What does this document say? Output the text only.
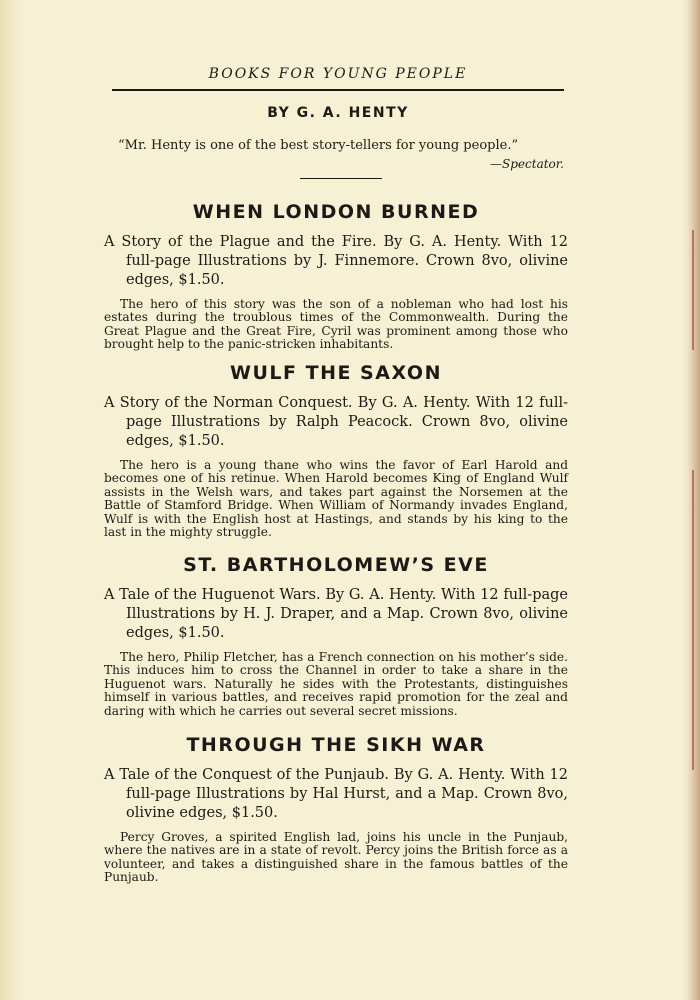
BOOKS FOR YOUNG PEOPLE
BY G. A. HENTY
“Mr. Henty is one of the best story-tellers for young people.”
—Spectator.
WHEN LONDON BURNED

A Story of the Plague and the Fire. By G. A. Henty. With 12 full-page Illustrations by J. Finnemore. Crown 8vo, olivine edges, $1.50.

The hero of this story was the son of a nobleman who had lost his estates during the troublous times of the Commonwealth. During the Great Plague and the Great Fire, Cyril was prominent among those who brought help to the panic-stricken inhabitants.

WULF THE SAXON

A Story of the Norman Conquest. By G. A. Henty. With 12 full-page Illustrations by Ralph Peacock. Crown 8vo, olivine edges, $1.50.

The hero is a young thane who wins the favor of Earl Harold and becomes one of his retinue. When Harold becomes King of England Wulf assists in the Welsh wars, and takes part against the Norsemen at the Battle of Stamford Bridge. When William of Normandy invades England, Wulf is with the English host at Hastings, and stands by his king to the last in the mighty struggle.

ST. BARTHOLOMEW’S EVE

A Tale of the Huguenot Wars. By G. A. Henty. With 12 full-page Illustrations by H. J. Draper, and a Map. Crown 8vo, olivine edges, $1.50.

The hero, Philip Fletcher, has a French connection on his mother’s side. This induces him to cross the Channel in order to take a share in the Huguenot wars. Naturally he sides with the Protestants, distinguishes himself in various battles, and receives rapid promotion for the zeal and daring with which he carries out several secret missions.

THROUGH THE SIKH WAR

A Tale of the Conquest of the Punjaub. By G. A. Henty. With 12 full-page Illustrations by Hal Hurst, and a Map. Crown 8vo, olivine edges, $1.50.

Percy Groves, a spirited English lad, joins his uncle in the Punjaub, where the natives are in a state of revolt. Percy joins the British force as a volunteer, and takes a distinguished share in the famous battles of the Punjaub.
